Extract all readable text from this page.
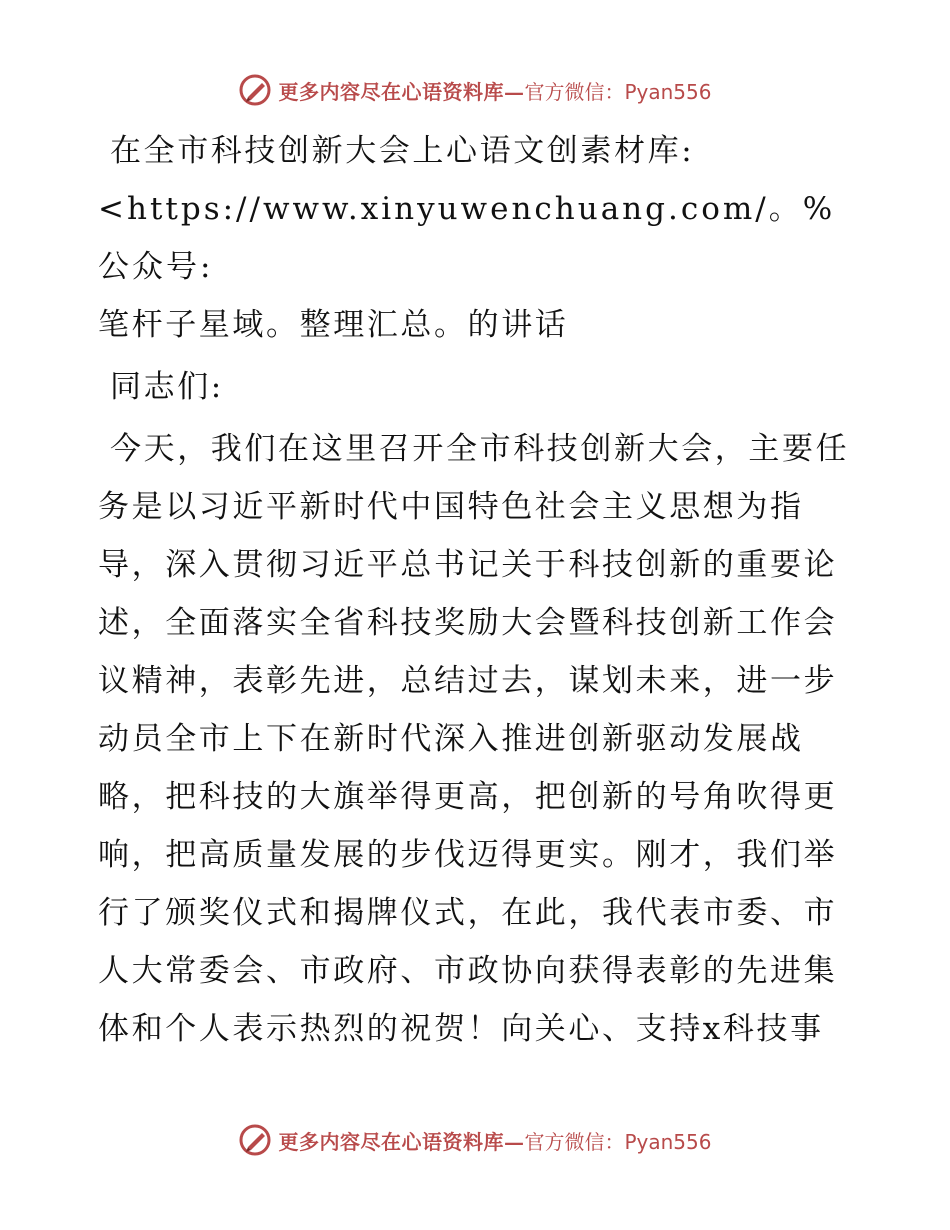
更多内容尽在心语资料库— 官方微信：Pyan556

在全市科技创新大会上心语文创素材库:
<https://www.xinyuwenchuang.com/。%公众号:
笔杆子星域。整理汇总。的讲话

同志们:

今天，我们在这里召开全市科技创新大会，主要任务是以习近平新时代中国特色社会主义思想为指导，深入贯彻习近平总书记关于科技创新的重要论述，全面落实全省科技奖励大会暨科技创新工作会议精神，表彰先进，总结过去，谋划未来，进一步动员全市上下在新时代深入推进创新驱动发展战略，把科技的大旗举得更高，把创新的号角吹得更响，把高质量发展的步伐迈得更实。刚才，我们举行了颁奖仪式和揭牌仪式，在此，我代表市委、市人大常委会、市政府、市政协向获得表彰的先进集体和个人表示热烈的祝贺！向关心、支持x科技事

更多内容尽在心语资料库— 官方微信：Pyan556
